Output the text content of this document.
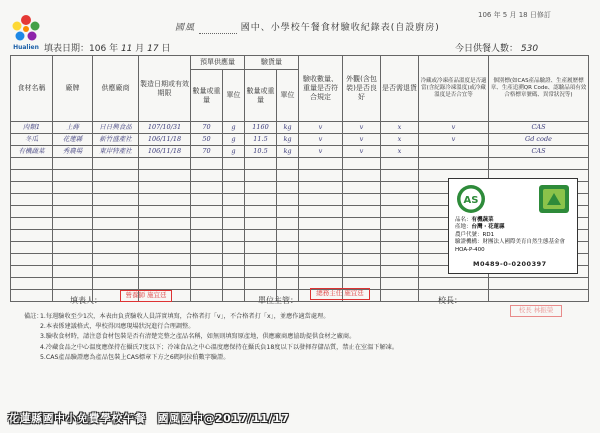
Hualien
106 年 5 月 18 日修訂
國風	國中、小學校午餐食材驗收紀錄表(自設廚房)
填表日期：106 年 11 月 17 日	今日供餐人數： 530
食材名稱	廠牌	供應廠商	製造日期或有效期限	預單供應量		驗貨量		驗收數量、重量是否符合規定	外觀(含包裝)是否良好	是否需退貨	冷藏或冷凍產品溫度是否適當(含紀錄冷凍溫度)或冷藏溫度是否合宜等	個別標(如CAS產品驗證、生產履歷標章、生產追溯QR Code、認驗品項有效合格標章號碼、異常狀況等)
				數量或重量	單位	數量或重量	單位					
肉類1	上蒔	日日興食品	107/10/31	70	g	1160	kg	v	v	x	v	CAS
冬瓜	花蓮縣	新竹盛產社	106/11/18	50	g	11.5	kg	v	v	x	v	Gd code
有機蔬菜	秀農場	東岸特產社	106/11/18	70	g	10.5	kg	v	v	x		CAS

AS
品名：有機蔬菜
產地：台灣・花蓮縣
農戶代號：RD1
驗證機構：財團法人國際美育自然生態基金會
HOA-P-400
M0489-0-0200397
填表人：
營養師 施宜廷
單位主管：
總務主任 施宜廷
校長：
校長 林振榮
備註：
1.每週驗收至少1次，本表由負責驗收人員詳實填寫，合格者打「v」，不合格者打「x」，並應作適當處理。
2.本表係建議格式，學校得因應現場狀況進行合理調整。
3.驗收食材時，請注意食材包裝是否有清楚完整之產品名稱，如無則填寫原產地，供應廠商應協助提供食材之廠商。
4.冷藏食品之中心溫度應保持在攝氏7度以下；冷凍食品之中心溫度應保持在攝氏負18度以下以發揮存儲品質，禁止在室溫下解凍。
5.CAS產品驗證應為產品包裝上CAS標章下方之6碼阿拉伯數字驗證。
花蓮縣國中小免費學校午餐　國風國中@2017/11/17
